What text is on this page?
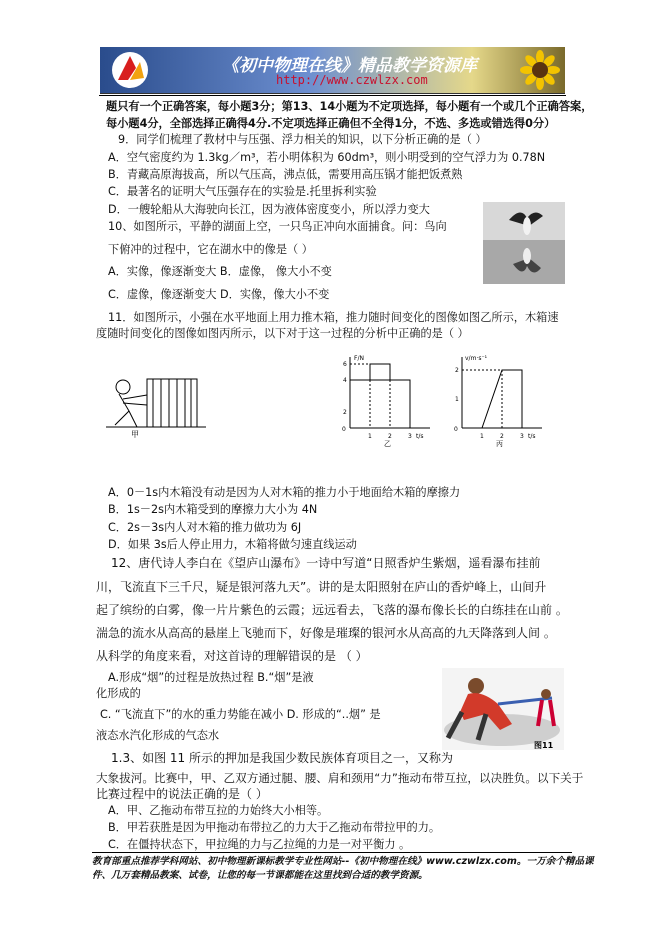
《初中物理在线》精品教学资源库
http://www.czwlzx.com
题只有一个正确答案，每小题3分；第13、14小题为不定项选择，每小题有一个或几个正确答案，
每小题4分，全部选择正确得4分.不定项选择正确但不全得1分，不选、多选或错选得0分）
9．同学们梳理了教材中与压强、浮力相关的知识，以下分析正确的是（ ）
A．空气密度约为 1.3kg／m³，若小明体积为 60dm³，则小明受到的空气浮力为 0.78N
B．青藏高原海拔高，所以气压高，沸点低，需要用高压锅才能把饭煮熟
C．最著名的证明大气压强存在的实验是.托里拆利实验
D．一艘轮船从大海驶向长江，因为液体密度变小，所以浮力变大
10、如图所示，平静的湖面上空，一只鸟正冲向水面捕食。问：鸟向
下俯冲的过程中，它在湖水中的像是（ ）
A．实像，像逐渐变大 B．虚像， 像大小不变
C．虚像，像逐渐变大 D．实像，像大小不变
11．如图所示，小强在水平地面上用力推木箱，推力随时间变化的图像如图乙所示，木箱速
度随时间变化的图像如图丙所示，以下对于这一过程的分析中正确的是（ ）
甲
F/N
t/s
0
1	2	3
4
6
2
乙
v/m·s⁻¹
t/s
0
1	2	3
2
1
丙
A．0－1s内木箱没有动是因为人对木箱的推力小于地面给木箱的摩擦力
B．1s－2s内木箱受到的摩擦力大小为 4N
C．2s－3s内人对木箱的推力做功为 6J
D．如果 3s后人停止用力，木箱将做匀速直线运动
12、唐代诗人李白在《望庐山瀑布》一诗中写道“日照香炉生紫烟，遥看瀑布挂前
川，飞流直下三千尺，疑是银河落九天”。讲的是太阳照射在庐山的香炉峰上，山间升
起了缤纷的白雾，像一片片紫色的云霞；远远看去，飞落的瀑布像长长的白练挂在山前 。
湍急的流水从高高的悬崖上飞驰而下，好像是璀璨的银河水从高高的九天降落到人间 。
从科学的角度来看，对这首诗的理解错误的是 （ ）
A.形成“烟”的过程是放热过程 B.“烟”是液
化形成的
C. “飞流直下”的水的重力势能在减小 D. 形成的“..烟” 是
液态水汽化形成的气态水
图11
1.3、如图 11 所示的押加是我国少数民族体育项目之一，又称为
大象拔河。比赛中，甲、乙双方通过腿、腰、肩和颈用“力”拖动布带互拉，以决胜负。以下关于
比赛过程中的说法正确的是（ ）
A．甲、乙拖动布带互拉的力始终大小相等。
B．甲若获胜是因为甲拖动布带拉乙的力大于乙拖动布带拉甲的力。
C．在僵持状态下，甲拉绳的力与乙拉绳的力是一对平衡力 。
教育部重点推荐学科网站、初中物理新课标教学专业性网站--《初中物理在线》www.czwlzx.com。一万余个精品课
件、几万套精品教案、试卷，让您的每一节课都能在这里找到合适的教学资源。
